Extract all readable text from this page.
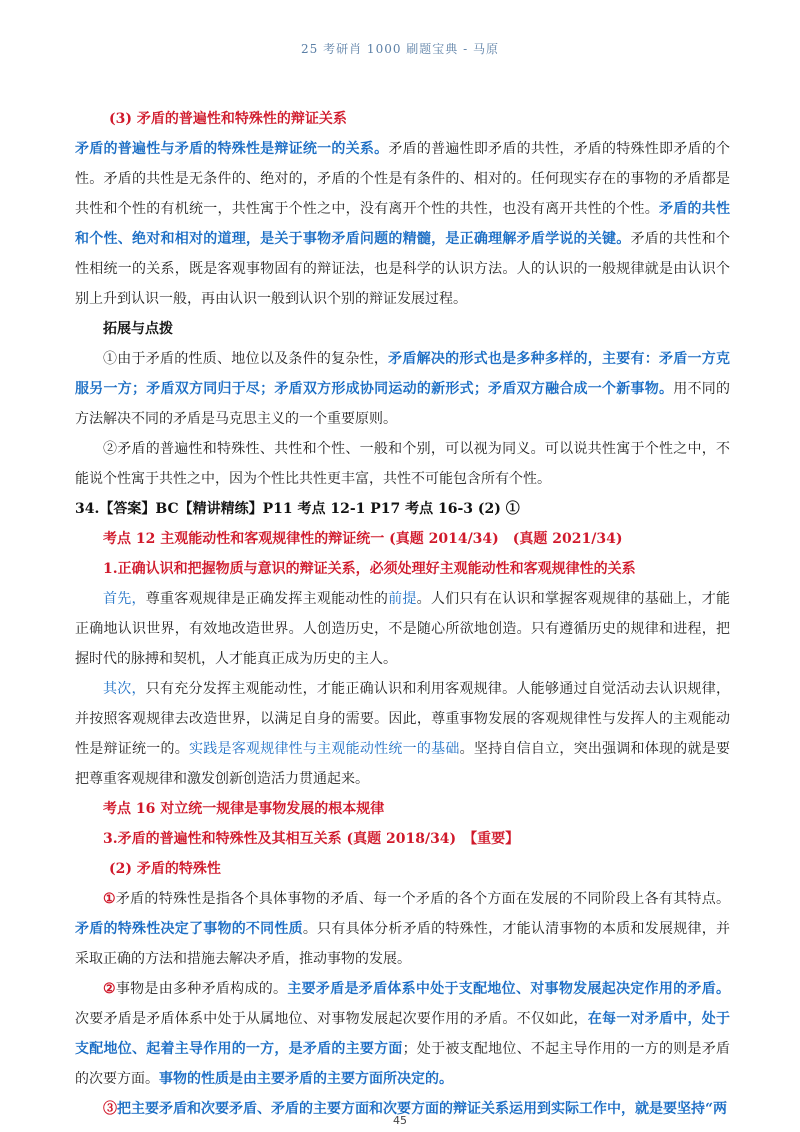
25 考研肖 1000 刷题宝典 - 马原

(3) 矛盾的普遍性和特殊性的辩证关系

矛盾的普遍性与矛盾的特殊性是辩证统一的关系。矛盾的普遍性即矛盾的共性，矛盾的特殊性即矛盾的个性。矛盾的共性是无条件的、绝对的，矛盾的个性是有条件的、相对的。任何现实存在的事物的矛盾都是共性和个性的有机统一，共性寓于个性之中，没有离开个性的共性，也没有离开共性的个性。矛盾的共性和个性、绝对和相对的道理，是关于事物矛盾问题的精髓，是正确理解矛盾学说的关键。矛盾的共性和个性相统一的关系，既是客观事物固有的辩证法，也是科学的认识方法。人的认识的一般规律就是由认识个别上升到认识一般，再由认识一般到认识个别的辩证发展过程。

拓展与点拨

①由于矛盾的性质、地位以及条件的复杂性，矛盾解决的形式也是多种多样的，主要有：矛盾一方克服另一方；矛盾双方同归于尽；矛盾双方形成协同运动的新形式；矛盾双方融合成一个新事物。用不同的方法解决不同的矛盾是马克思主义的一个重要原则。

②矛盾的普遍性和特殊性、共性和个性、一般和个别，可以视为同义。可以说共性寓于个性之中，不能说个性寓于共性之中，因为个性比共性更丰富，共性不可能包含所有个性。

34.【答案】BC【精讲精练】P11 考点 12-1 P17 考点 16-3 (2) ①

考点 12 主观能动性和客观规律性的辩证统一 (真题 2014/34)　(真题 2021/34)

1.正确认识和把握物质与意识的辩证关系，必须处理好主观能动性和客观规律性的关系

首先，尊重客观规律是正确发挥主观能动性的前提。人们只有在认识和掌握客观规律的基础上，才能正确地认识世界，有效地改造世界。人创造历史，不是随心所欲地创造。只有遵循历史的规律和进程，把握时代的脉搏和契机，人才能真正成为历史的主人。

其次，只有充分发挥主观能动性，才能正确认识和利用客观规律。人能够通过自觉活动去认识规律，并按照客观规律去改造世界，以满足自身的需要。因此，尊重事物发展的客观规律性与发挥人的主观能动性是辩证统一的。实践是客观规律性与主观能动性统一的基础。坚持自信自立，突出强调和体现的就是要把尊重客观规律和激发创新创造活力贯通起来。

考点 16 对立统一规律是事物发展的根本规律

3.矛盾的普遍性和特殊性及其相互关系 (真题 2018/34)　【重要】

(2) 矛盾的特殊性

①矛盾的特殊性是指各个具体事物的矛盾、每一个矛盾的各个方面在发展的不同阶段上各有其特点。矛盾的特殊性决定了事物的不同性质。只有具体分析矛盾的特殊性，才能认清事物的本质和发展规律，并采取正确的方法和措施去解决矛盾，推动事物的发展。

②事物是由多种矛盾构成的。主要矛盾是矛盾体系中处于支配地位、对事物发展起决定作用的矛盾。次要矛盾是矛盾体系中处于从属地位、对事物发展起次要作用的矛盾。不仅如此，在每一对矛盾中，处于支配地位、起着主导作用的一方，是矛盾的主要方面；处于被支配地位、不起主导作用的一方的则是矛盾的次要方面。事物的性质是由主要矛盾的主要方面所决定的。

③把主要矛盾和次要矛盾、矛盾的主要方面和次要方面的辩证关系运用到实际工作中，就是要坚持“两

45
